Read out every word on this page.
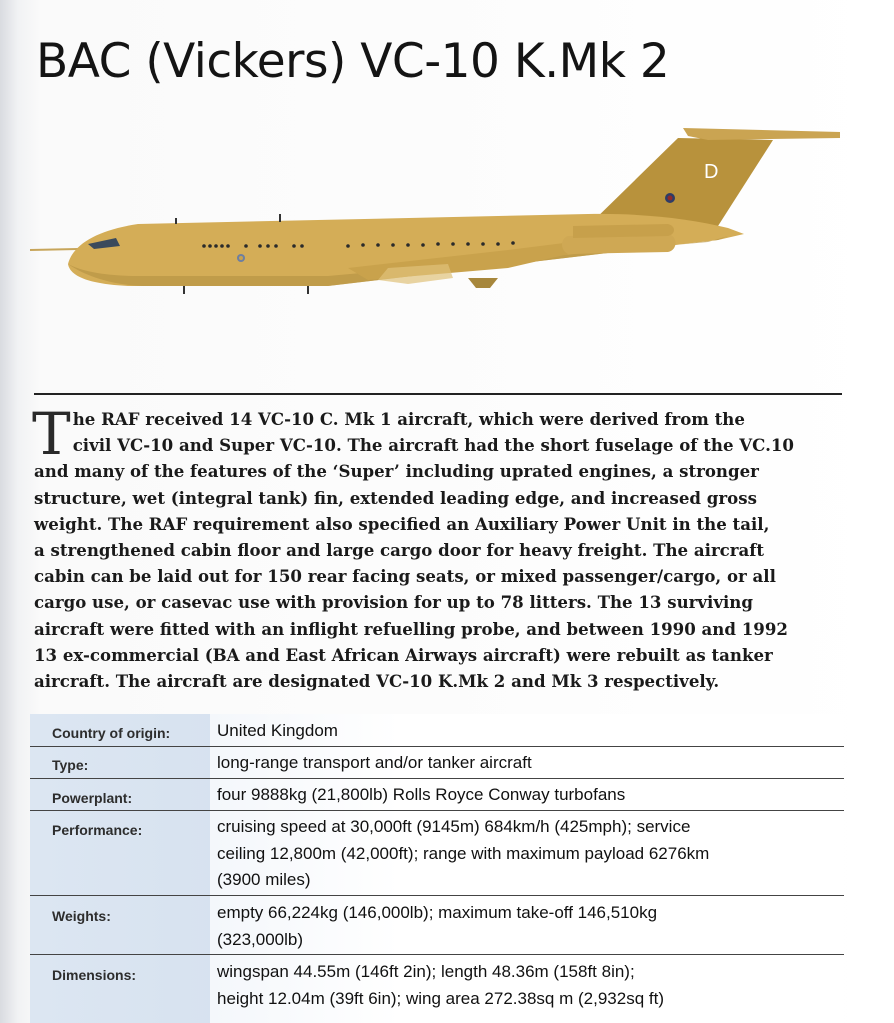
BAC (Vickers) VC-10 K.Mk 2
D
T he RAF received 14 VC-10 C. Mk 1 aircraft, which were derived from the
civil VC-10 and Super VC-10. The aircraft had the short fuselage of the VC.10
and many of the features of the ‘Super’ including uprated engines, a stronger
structure, wet (integral tank) fin, extended leading edge, and increased gross
weight. The RAF requirement also specified an Auxiliary Power Unit in the tail,
a strengthened cabin floor and large cargo door for heavy freight. The aircraft
cabin can be laid out for 150 rear facing seats, or mixed passenger/cargo, or all
cargo use, or casevac use with provision for up to 78 litters. The 13 surviving
aircraft were fitted with an inflight refuelling probe, and between 1990 and 1992
13 ex-commercial (BA and East African Airways aircraft) were rebuilt as tanker
aircraft. The aircraft are designated VC-10 K.Mk 2 and Mk 3 respectively.
Country of origin:	United Kingdom
Type:	long-range transport and/or tanker aircraft
Powerplant:	four 9888kg (21,800lb) Rolls Royce Conway turbofans
Performance:	cruising speed at 30,000ft (9145m) 684km/h (425mph); service
ceiling 12,800m (42,000ft); range with maximum payload 6276km
(3900 miles)
Weights:	empty 66,224kg (146,000lb); maximum take-off 146,510kg
(323,000lb)
Dimensions:	wingspan 44.55m (146ft 2in); length 48.36m (158ft 8in);
height 12.04m (39ft 6in); wing area 272.38sq m (2,932sq ft)
